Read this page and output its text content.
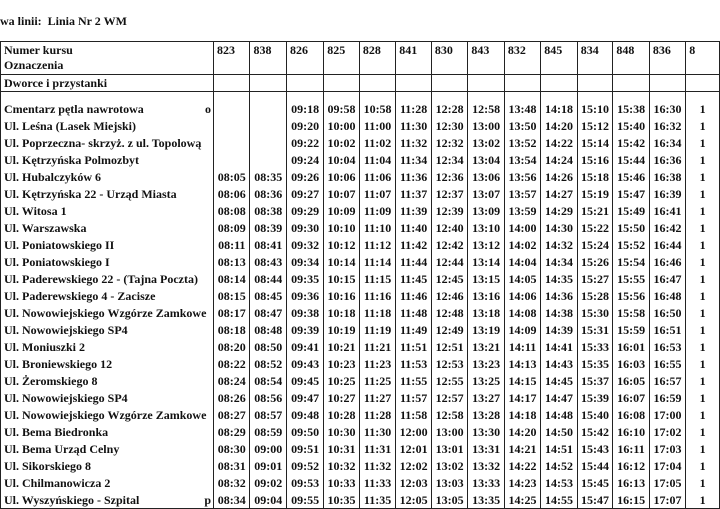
wa linii: Linia Nr 2 WM
Numer kursu
Oznaczenia	823	838	826	825	828	841	830	843	832	845	834	848	836	8
Dworce i przystanki														

Cmentarz pętla nawrotowa o			09:18	09:58	10:58	11:28	12:28	12:58	13:48	14:18	15:10	15:38	16:30	1

Ul. Leśna (Lasek Miejski)			09:20	10:00	11:00	11:30	12:30	13:00	13:50	14:20	15:12	15:40	16:32	1

Ul. Poprzeczna- skrzyż. z ul. Topolową			09:22	10:02	11:02	11:32	12:32	13:02	13:52	14:22	15:14	15:42	16:34	1

Ul. Kętrzyńska Polmozbyt			09:24	10:04	11:04	11:34	12:34	13:04	13:54	14:24	15:16	15:44	16:36	1

Ul. Hubalczyków 6	08:05	08:35	09:26	10:06	11:06	11:36	12:36	13:06	13:56	14:26	15:18	15:46	16:38	1

Ul. Kętrzyńska 22 - Urząd Miasta	08:06	08:36	09:27	10:07	11:07	11:37	12:37	13:07	13:57	14:27	15:19	15:47	16:39	1

Ul. Witosa 1	08:08	08:38	09:29	10:09	11:09	11:39	12:39	13:09	13:59	14:29	15:21	15:49	16:41	1

Ul. Warszawska	08:09	08:39	09:30	10:10	11:10	11:40	12:40	13:10	14:00	14:30	15:22	15:50	16:42	1

Ul. Poniatowskiego II	08:11	08:41	09:32	10:12	11:12	11:42	12:42	13:12	14:02	14:32	15:24	15:52	16:44	1

Ul. Poniatowskiego I	08:13	08:43	09:34	10:14	11:14	11:44	12:44	13:14	14:04	14:34	15:26	15:54	16:46	1

Ul. Paderewskiego 22 - (Tajna Poczta)	08:14	08:44	09:35	10:15	11:15	11:45	12:45	13:15	14:05	14:35	15:27	15:55	16:47	1

Ul. Paderewskiego 4 - Zacisze	08:15	08:45	09:36	10:16	11:16	11:46	12:46	13:16	14:06	14:36	15:28	15:56	16:48	1

Ul. Nowowiejskiego Wzgórze Zamkowe	08:17	08:47	09:38	10:18	11:18	11:48	12:48	13:18	14:08	14:38	15:30	15:58	16:50	1

Ul. Nowowiejskiego SP4	08:18	08:48	09:39	10:19	11:19	11:49	12:49	13:19	14:09	14:39	15:31	15:59	16:51	1

Ul. Moniuszki 2	08:20	08:50	09:41	10:21	11:21	11:51	12:51	13:21	14:11	14:41	15:33	16:01	16:53	1

Ul. Broniewskiego 12	08:22	08:52	09:43	10:23	11:23	11:53	12:53	13:23	14:13	14:43	15:35	16:03	16:55	1

Ul. Żeromskiego 8	08:24	08:54	09:45	10:25	11:25	11:55	12:55	13:25	14:15	14:45	15:37	16:05	16:57	1

Ul. Nowowiejskiego SP4	08:26	08:56	09:47	10:27	11:27	11:57	12:57	13:27	14:17	14:47	15:39	16:07	16:59	1

Ul. Nowowiejskiego Wzgórze Zamkowe	08:27	08:57	09:48	10:28	11:28	11:58	12:58	13:28	14:18	14:48	15:40	16:08	17:00	1

Ul. Bema Biedronka	08:29	08:59	09:50	10:30	11:30	12:00	13:00	13:30	14:20	14:50	15:42	16:10	17:02	1

Ul. Bema Urząd Celny	08:30	09:00	09:51	10:31	11:31	12:01	13:01	13:31	14:21	14:51	15:43	16:11	17:03	1

Ul. Sikorskiego 8	08:31	09:01	09:52	10:32	11:32	12:02	13:02	13:32	14:22	14:52	15:44	16:12	17:04	1

Ul. Chilmanowicza 2	08:32	09:02	09:53	10:33	11:33	12:03	13:03	13:33	14:23	14:53	15:45	16:13	17:05	1

Ul. Wyszyńskiego - Szpital p	08:34	09:04	09:55	10:35	11:35	12:05	13:05	13:35	14:25	14:55	15:47	16:15	17:07	1
